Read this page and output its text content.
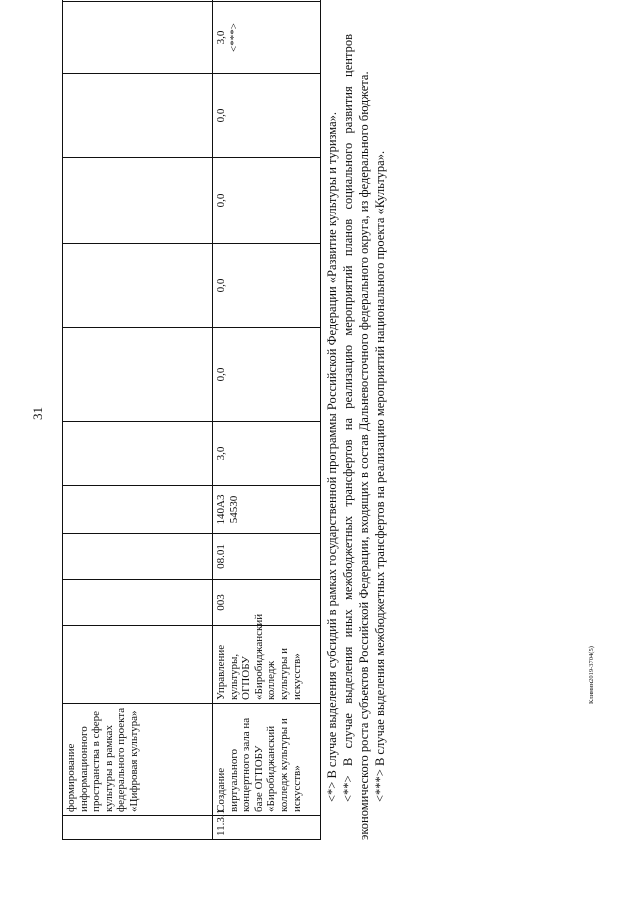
31
	формирование информационного пространства в сфере культуры в рамках федерального проекта «Цифровая культура»											
11.3.1	Создание виртуального концертного зала на базе ОГПОБУ «Биробиджанский колледж культуры и искусств»	Управление культуры, ОГПОБУ «Биробиджанский колледж культуры и искусств»	003	08.01	140А3 54530	3,0	0,0	0,0	0,0	0,0	3,0
<***>	

<*> В случае выделения субсидий в рамках государственной программы Российской Федерации «Развитие культуры и туризма». <**> В случае выделения иных межбюджетных трансфертов на реализацию мероприятий планов социального развития центров экономического роста субъектов Российской Федерации, входящих в состав Дальневосточного федерального округа, из федерального бюджета. <***> В случае выделения межбюджетных трансфертов на реализацию мероприятий национального проекта «Культура».	Климин2019-3704(5)
